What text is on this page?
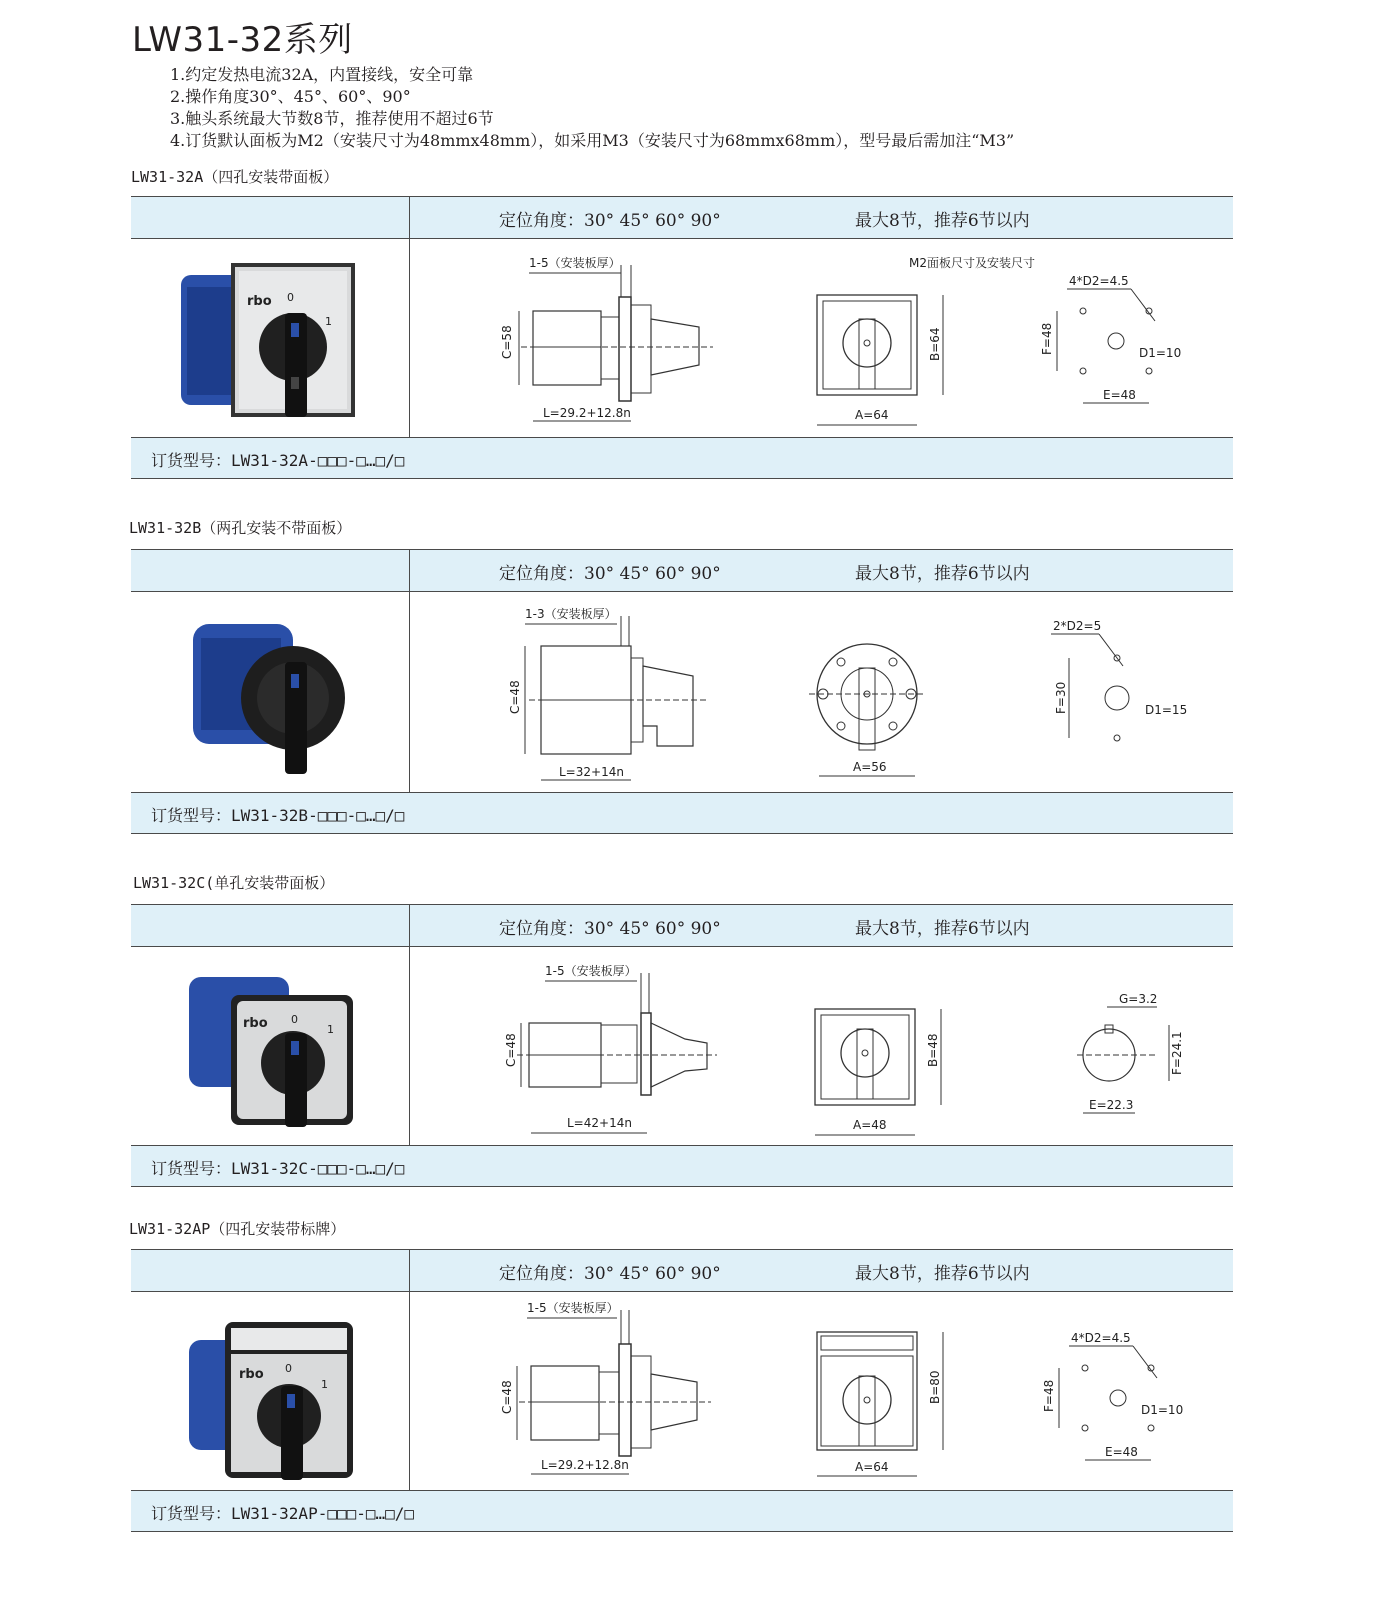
LW31-32系列
1.约定发热电流32A，内置接线，安全可靠
2.操作角度30°、45°、60°、90°
3.触头系统最大节数8节，推荐使用不超过6节
4.订货默认面板为M2（安装尺寸为48mmx48mm），如采用M3（安装尺寸为68mmx68mm），型号最后需加注“M3”
LW31-32A（四孔安装带面板）
定位角度：30° 45° 60° 90°	最大8节，推荐6节以内
rbo 0
1
1-5（安装板厚）
C=58
L=29.2+12.8n
M2面板尺寸及安装尺寸
B=64
A=64
4*D2=4.5
F=48	D1=10
E=48
订货型号：LW31-32A-□□□-□…□/□
LW31-32B（两孔安装不带面板）
定位角度：30° 45° 60° 90°	最大8节，推荐6节以内
1-3（安装板厚）
C=48
L=32+14n	A=56
2*D2=5
F=30	D1=15
订货型号：LW31-32B-□□□-□…□/□
LW31-32C(单孔安装带面板）
定位角度：30° 45° 60° 90°	最大8节，推荐6节以内
rbo 0
1
1-5（安装板厚）
C=48
L=42+14n
B=48
A=48
G=3.2
F=24.1
E=22.3
订货型号：LW31-32C-□□□-□…□/□
LW31-32AP（四孔安装带标牌）
定位角度：30° 45° 60° 90°	最大8节，推荐6节以内
rbo 0
1
1-5（安装板厚）
C=48
L=29.2+12.8n
B=80
A=64
4*D2=4.5
F=48	D1=10
E=48
订货型号：LW31-32AP-□□□-□…□/□
